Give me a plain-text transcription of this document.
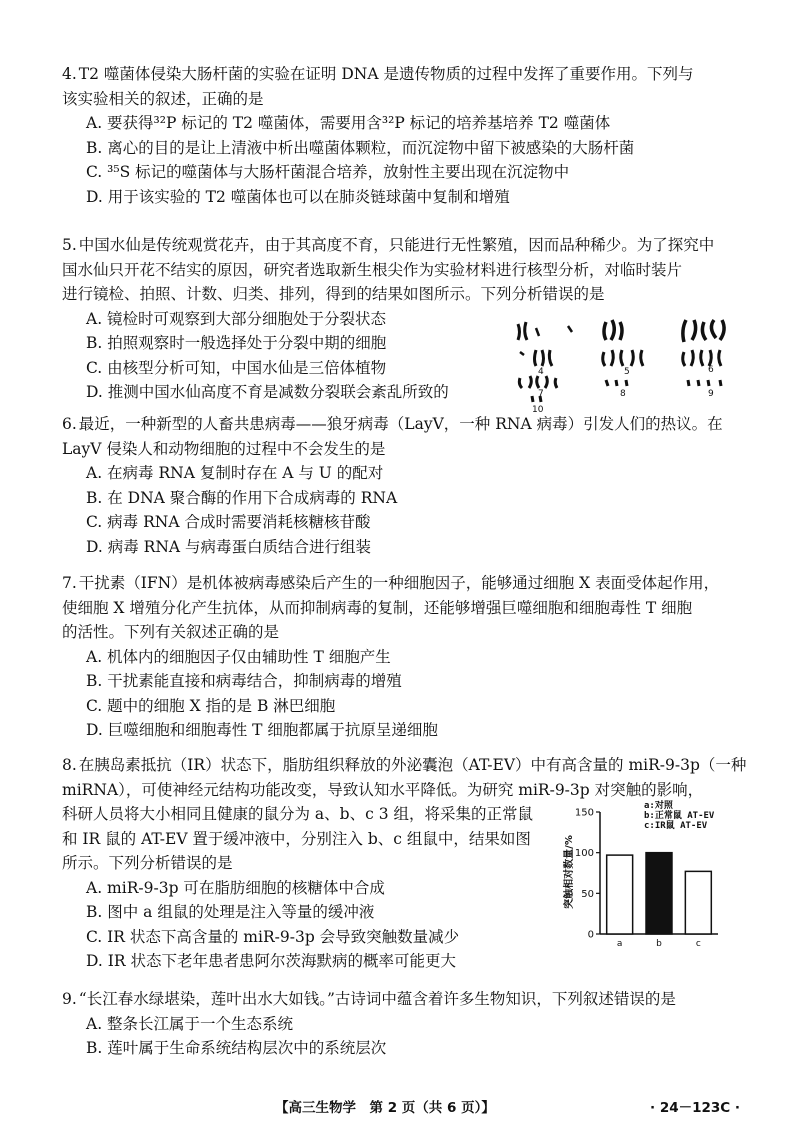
4. T2 噬菌体侵染大肠杆菌的实验在证明 DNA 是遗传物质的过程中发挥了重要作用。下列与

该实验相关的叙述，正确的是

A. 要获得³²P 标记的 T2 噬菌体，需要用含³²P 标记的培养基培养 T2 噬菌体

B. 离心的目的是让上清液中析出噬菌体颗粒，而沉淀物中留下被感染的大肠杆菌

C. ³⁵S 标记的噬菌体与大肠杆菌混合培养，放射性主要出现在沉淀物中

D. 用于该实验的 T2 噬菌体也可以在肺炎链球菌中复制和增殖

5. 中国水仙是传统观赏花卉，由于其高度不育，只能进行无性繁殖，因而品种稀少。为了探究中

国水仙只开花不结实的原因，研究者选取新生根尖作为实验材料进行核型分析，对临时装片

进行镜检、拍照、计数、归类、排列，得到的结果如图所示。下列分析错误的是

A. 镜检时可观察到大部分细胞处于分裂状态

B. 拍照观察时一般选择处于分裂中期的细胞

C. 由核型分析可知，中国水仙是三倍体植物

D. 推测中国水仙高度不育是减数分裂联会紊乱所致的

4	5	6
7	8	9
10

6. 最近，一种新型的人畜共患病毒——狼牙病毒（LayV，一种 RNA 病毒）引发人们的热议。在

LayV 侵染人和动物细胞的过程中不会发生的是

A. 在病毒 RNA 复制时存在 A 与 U 的配对

B. 在 DNA 聚合酶的作用下合成病毒的 RNA

C. 病毒 RNA 合成时需要消耗核糖核苷酸

D. 病毒 RNA 与病毒蛋白质结合进行组装

7. 干扰素（IFN）是机体被病毒感染后产生的一种细胞因子，能够通过细胞 X 表面受体起作用，

使细胞 X 增殖分化产生抗体，从而抑制病毒的复制，还能够增强巨噬细胞和细胞毒性 T 细胞

的活性。下列有关叙述正确的是

A. 机体内的细胞因子仅由辅助性 T 细胞产生

B. 干扰素能直接和病毒结合，抑制病毒的增殖

C. 题中的细胞 X 指的是 B 淋巴细胞

D. 巨噬细胞和细胞毒性 T 细胞都属于抗原呈递细胞

8. 在胰岛素抵抗（IR）状态下，脂肪组织释放的外泌囊泡（AT-EV）中有高含量的 miR-9-3p（一种

miRNA），可使神经元结构功能改变，导致认知水平降低。为研究 miR-9-3p 对突触的影响，

科研人员将大小相同且健康的鼠分为 a、b、c 3 组，将采集的正常鼠

和 IR 鼠的 AT-EV 置于缓冲液中，分别注入 b、c 组鼠中，结果如图

所示。下列分析错误的是

A. miR-9-3p 可在脂肪细胞的核糖体中合成

B. 图中 a 组鼠的处理是注入等量的缓冲液

C. IR 状态下高含量的 miR-9-3p 会导致突触数量减少

D. IR 状态下老年患者患阿尔茨海默病的概率可能更大

0
50
100
150
a	b	c
a:对照
b:正常鼠 AT-EV
c:IR鼠 AT-EV
突触相对数量/%

9. “长江春水绿堪染，莲叶出水大如钱。”古诗词中蕴含着许多生物知识，下列叙述错误的是

A. 整条长江属于一个生态系统

B. 莲叶属于生命系统结构层次中的系统层次

【高三生物学　第 2 页（共 6 页）】	· 24－123C ·
